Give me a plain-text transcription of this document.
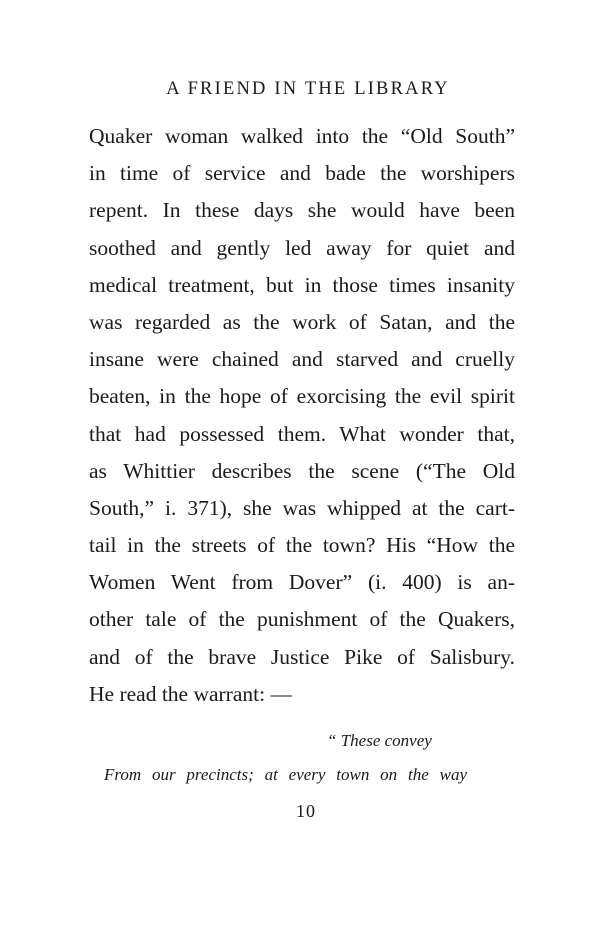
A FRIEND IN THE LIBRARY
Quaker woman walked into the “Old South”
in time of service and bade the worshipers
repent. In these days she would have been
soothed and gently led away for quiet and
medical treatment, but in those times insanity
was regarded as the work of Satan, and the
insane were chained and starved and cruelly
beaten, in the hope of exorcising the evil spirit
that had possessed them. What wonder that,
as Whittier describes the scene (“The Old
South,” i. 371), she was whipped at the cart-
tail in the streets of the town? His “How the
Women Went from Dover” (i. 400) is an-
other tale of the punishment of the Quakers,
and of the brave Justice Pike of Salisbury.
He read the warrant: —
“ These convey
From our precincts; at every town on the way
10
